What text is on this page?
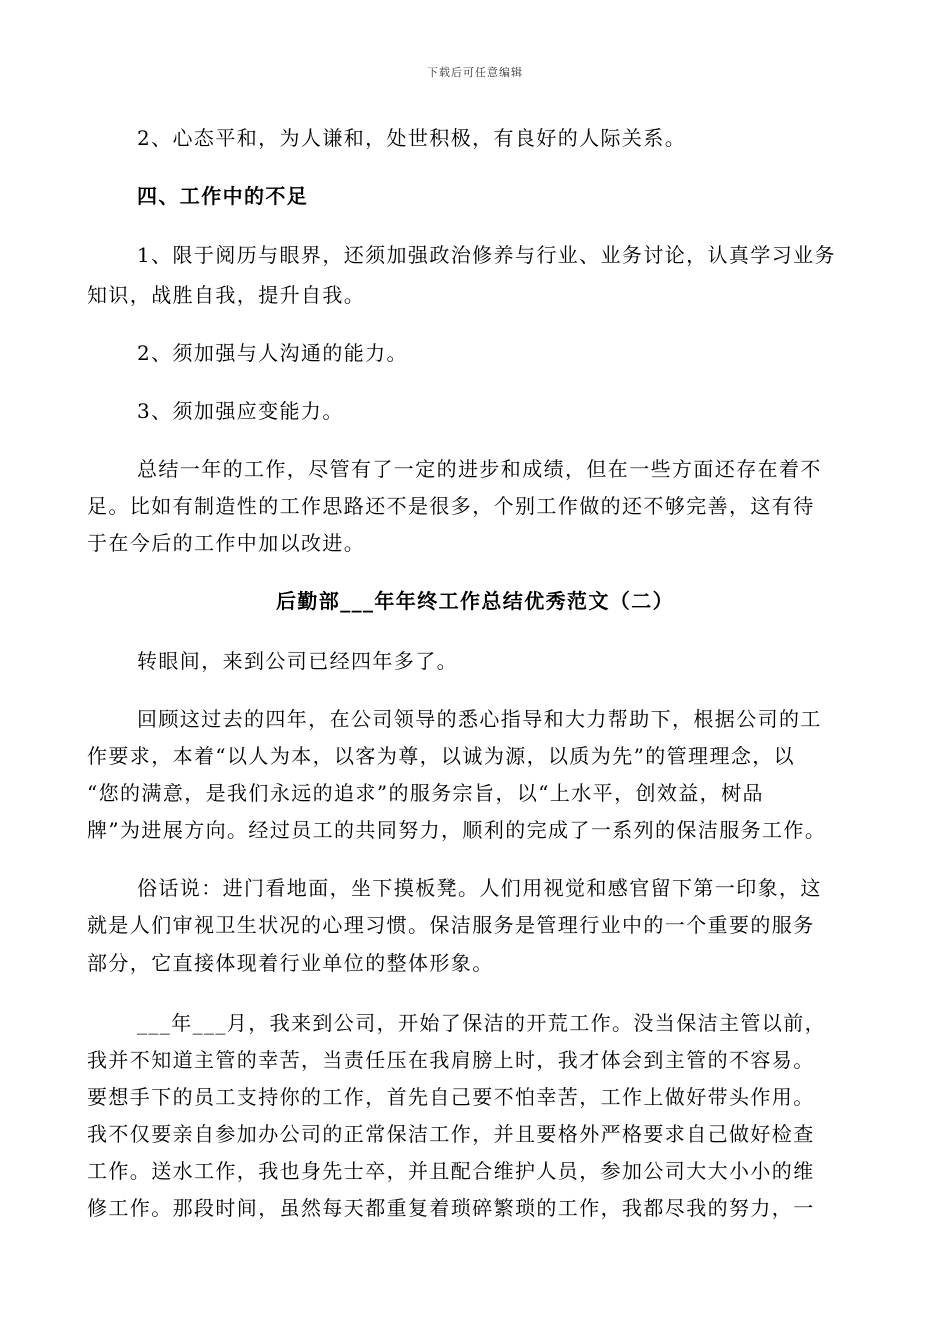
下载后可任意编辑
2、心态平和，为人谦和，处世积极，有良好的人际关系。
四、工作中的不足
1、限于阅历与眼界，还须加强政治修养与行业、业务讨论，认真学习业务
知识，战胜自我，提升自我。
2、须加强与人沟通的能力。
3、须加强应变能力。
总结一年的工作，尽管有了一定的进步和成绩，但在一些方面还存在着不
足。比如有制造性的工作思路还不是很多，个别工作做的还不够完善，这有待
于在今后的工作中加以改进。
后勤部___年年终工作总结优秀范文（二）
转眼间，来到公司已经四年多了。
回顾这过去的四年，在公司领导的悉心指导和大力帮助下，根据公司的工
作要求，本着“以人为本，以客为尊，以诚为源，以质为先”的管理理念，以
“您的满意，是我们永远的追求”的服务宗旨，以“上水平，创效益，树品
牌”为进展方向。经过员工的共同努力，顺利的完成了一系列的保洁服务工作。
俗话说：进门看地面，坐下摸板凳。人们用视觉和感官留下第一印象，这
就是人们审视卫生状况的心理习惯。保洁服务是管理行业中的一个重要的服务
部分，它直接体现着行业单位的整体形象。
___年___月，我来到公司，开始了保洁的开荒工作。没当保洁主管以前，
我并不知道主管的幸苦，当责任压在我肩膀上时，我才体会到主管的不容易。
要想手下的员工支持你的工作，首先自己要不怕幸苦，工作上做好带头作用。
我不仅要亲自参加办公司的正常保洁工作，并且要格外严格要求自己做好检查
工作。送水工作，我也身先士卒，并且配合维护人员，参加公司大大小小的维
修工作。那段时间，虽然每天都重复着琐碎繁琐的工作，我都尽我的努力，一
